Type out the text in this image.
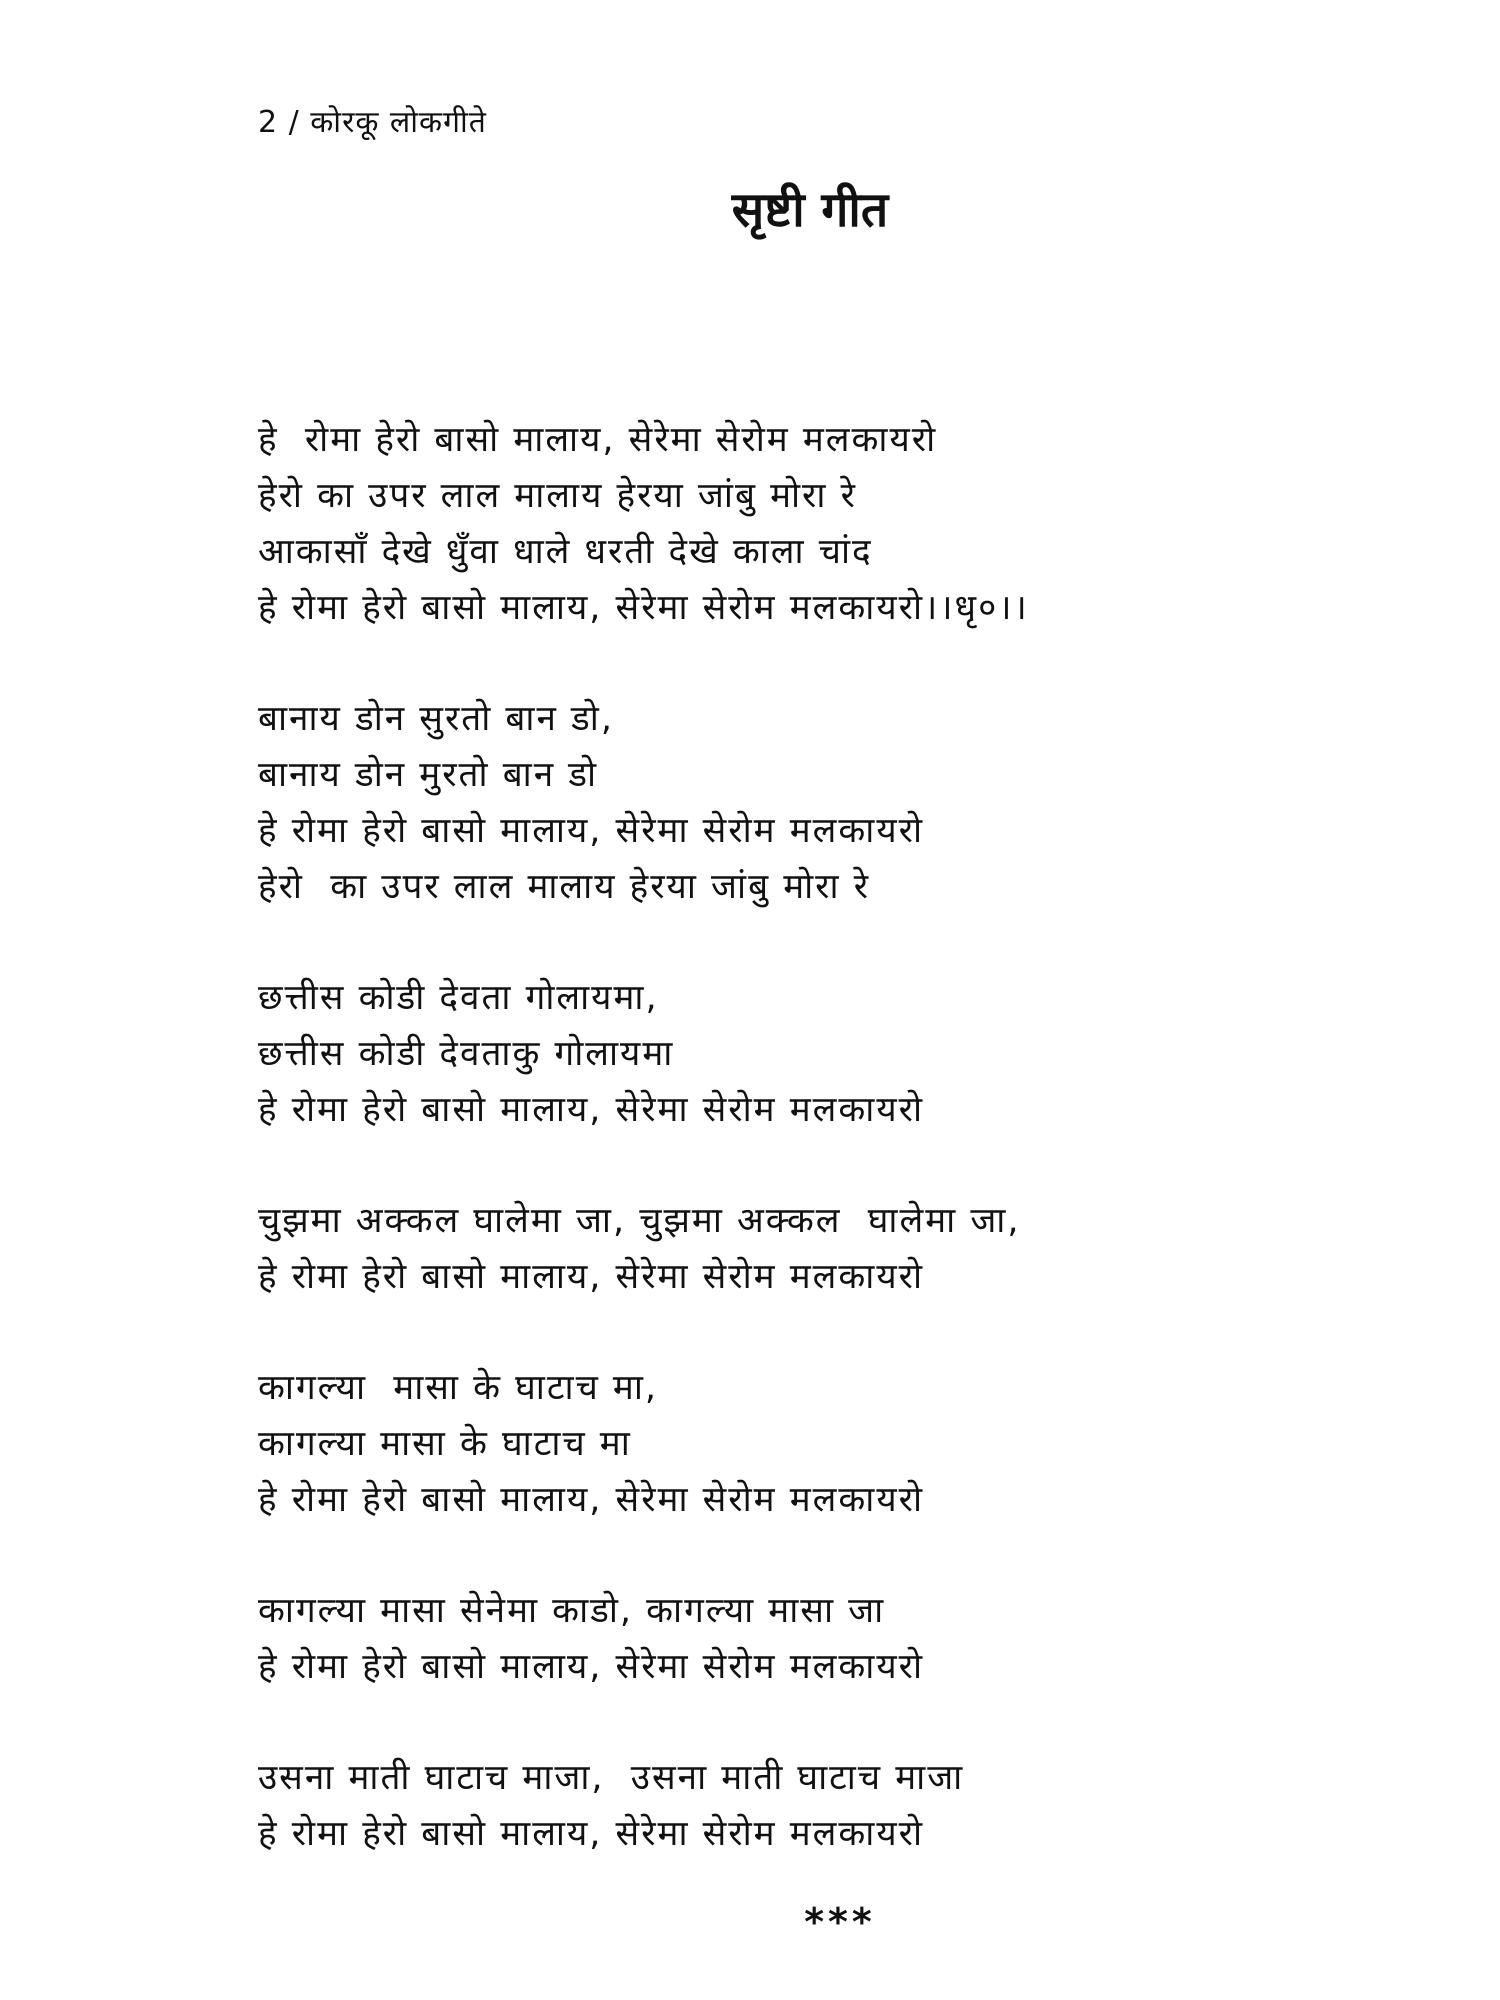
2 / कोरकू लोकगीते
सृष्टी गीत
हे  रोमा हेरो बासो मालाय, सेरेमा सेरोम मलकायरो
हेरो का उपर लाल मालाय हेरया जांबु मोरा रे
आकासाँ देखे धुँवा धाले धरती देखे काला चांद
हे रोमा हेरो बासो मालाय, सेरेमा सेरोम मलकायरो।।धृ०।।
बानाय डोन सुरतो बान डो,
बानाय डोन मुरतो बान डो
हे रोमा हेरो बासो मालाय, सेरेमा सेरोम मलकायरो
हेरो  का उपर लाल मालाय हेरया जांबु मोरा रे
छत्तीस कोडी देवता गोलायमा,
छत्तीस कोडी देवताकु गोलायमा
हे रोमा हेरो बासो मालाय, सेरेमा सेरोम मलकायरो
चुझमा अक्कल घालेमा जा, चुझमा अक्कल  घालेमा जा,
हे रोमा हेरो बासो मालाय, सेरेमा सेरोम मलकायरो
कागल्या  मासा के घाटाच मा,
कागल्या मासा के घाटाच मा
हे रोमा हेरो बासो मालाय, सेरेमा सेरोम मलकायरो
कागल्या मासा सेनेमा काडो, कागल्या मासा जा
हे रोमा हेरो बासो मालाय, सेरेमा सेरोम मलकायरो
उसना माती घाटाच माजा,  उसना माती घाटाच माजा
हे रोमा हेरो बासो मालाय, सेरेमा सेरोम मलकायरो
***
